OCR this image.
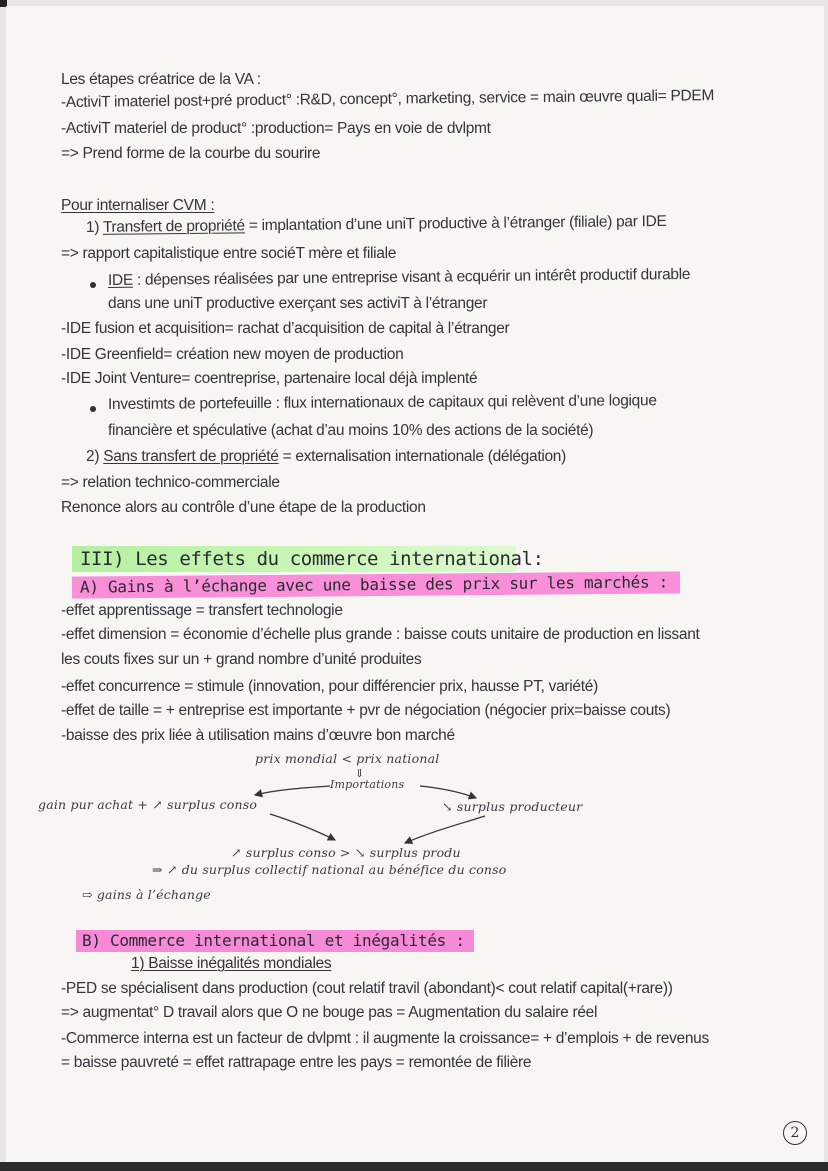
Les étapes créatrice de la VA :
-ActiviT imateriel post+pré product° :R&D, concept°, marketing, service = main œuvre quali= PDEM
-ActiviT materiel de product° :production= Pays en voie de dvlpmt
=> Prend forme de la courbe du sourire
Pour internaliser CVM :
1) Transfert de propriété = implantation d’une uniT productive à l’étranger (filiale) par IDE
=> rapport capitalistique entre sociéT mère et filiale
IDE : dépenses réalisées par une entreprise visant à ecquérir un intérêt productif durable
dans une uniT productive exerçant ses activiT à l’étranger
-IDE fusion et acquisition= rachat d’acquisition de capital à l’étranger
-IDE Greenfield= création new moyen de production
-IDE Joint Venture= coentreprise, partenaire local déjà implenté
Investimts de portefeuille : flux internationaux de capitaux qui relèvent d’une logique
financière et spéculative (achat d’au moins 10% des actions de la société)
2) Sans transfert de propriété = externalisation internationale (délégation)
=> relation technico-commerciale
Renonce alors au contrôle d’une étape de la production
III) Les effets du commerce international:
A) Gains à l’échange avec une baisse des prix sur les marchés :
-effet apprentissage = transfert technologie
-effet dimension = économie d’échelle plus grande : baisse couts unitaire de production en lissant
les couts fixes sur un + grand nombre d’unité produites
-effet concurrence = stimule (innovation, pour différencier prix, hausse PT, variété)
-effet de taille = + entreprise est importante + pvr de négociation (négocier prix=baisse couts)
-baisse des prix liée à utilisation mains d’œuvre bon marché
prix mondial < prix national
⇓
Importations
gain pur achat + ↗ surplus conso	↘ surplus producteur
↗ surplus conso > ↘ surplus produ
⇒ ↗ du surplus collectif national au bénéfice du conso
⇨ gains à l’échange
B) Commerce international et inégalités :
1) Baisse inégalités mondiales
-PED se spécialisent dans production (cout relatif travil (abondant)< cout relatif capital(+rare))
=> augmentat° D travail alors que O ne bouge pas = Augmentation du salaire réel
-Commerce interna est un facteur de dvlpmt : il augmente la croissance= + d’emplois + de revenus
= baisse pauvreté = effet rattrapage entre les pays = remontée de filière
2
